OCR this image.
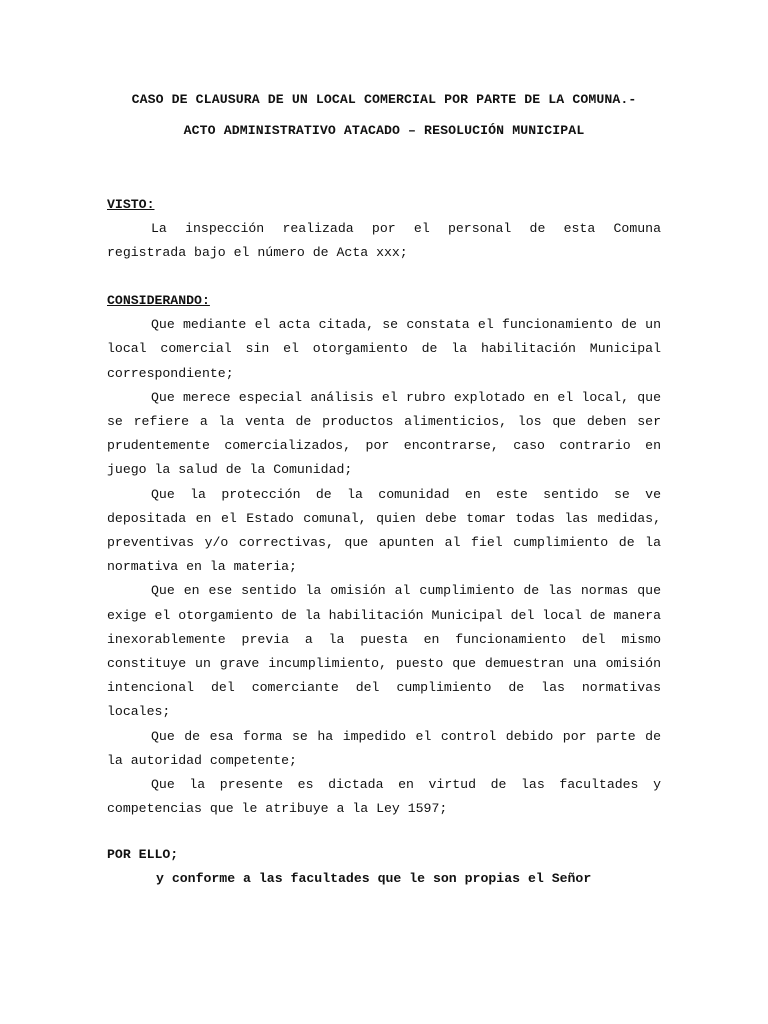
CASO DE CLAUSURA DE UN LOCAL COMERCIAL POR PARTE DE LA COMUNA.-
ACTO ADMINISTRATIVO ATACADO – RESOLUCIÓN MUNICIPAL

VISTO:

La inspección realizada por el personal de esta Comuna registrada bajo el número de Acta xxx;

CONSIDERANDO:

Que mediante el acta citada, se constata el funcionamiento de un local comercial sin el otorgamiento de la habilitación Municipal correspondiente;

Que merece especial análisis el rubro explotado en el local, que se refiere a la venta de productos alimenticios, los que deben ser prudentemente comercializados, por encontrarse, caso contrario en juego la salud de la Comunidad;

Que la protección de la comunidad en este sentido se ve depositada en el Estado comunal, quien debe tomar todas las medidas, preventivas y/o correctivas, que apunten al fiel cumplimiento de la normativa en la materia;

Que en ese sentido la omisión al cumplimiento de las normas que exige el otorgamiento de la habilitación Municipal del local de manera inexorablemente previa a la puesta en funcionamiento del mismo constituye un grave incumplimiento, puesto que demuestran una omisión intencional del comerciante del cumplimiento de las normativas locales;

Que de esa forma se ha impedido el control debido por parte de la autoridad competente;

Que la presente es dictada en virtud de las facultades y competencias que le atribuye a la Ley 1597;

POR ELLO;

y conforme a las facultades que le son propias el Señor
